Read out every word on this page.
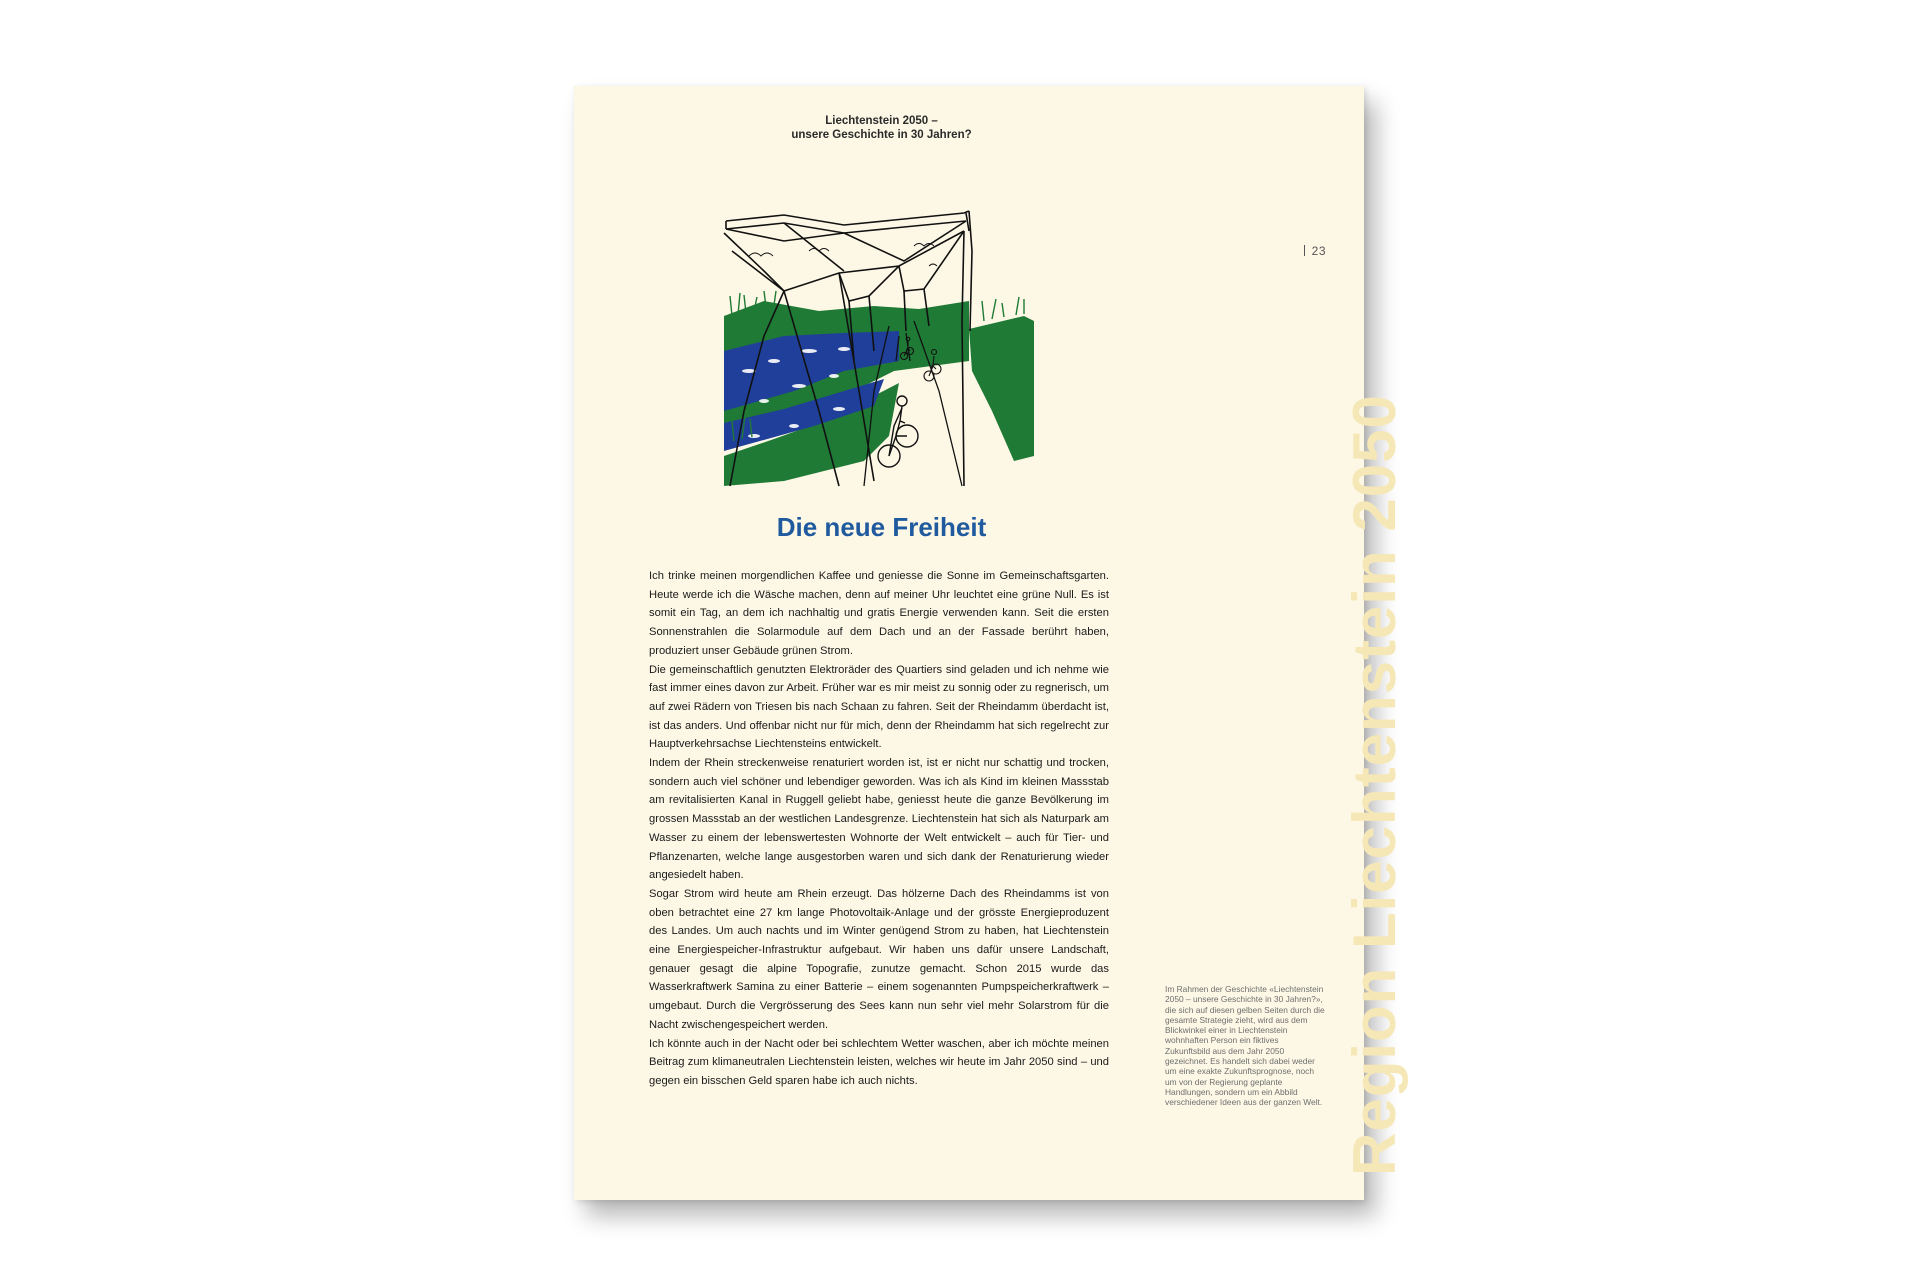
Liechtenstein 2050 –
unsere Geschichte in 30 Jahren?
23
Region Liechtenstein 2050
Die neue Freiheit

Ich trinke meinen morgendlichen Kaffee und geniesse die Sonne im Gemeinschaftsgarten. Heute werde ich die Wäsche machen, denn auf meiner Uhr leuchtet eine grüne Null. Es ist somit ein Tag, an dem ich nachhaltig und gratis Energie verwenden kann. Seit die ersten Sonnenstrahlen die Solarmodule auf dem Dach und an der Fassade berührt haben, produziert unser Gebäude grünen Strom.

Die gemeinschaftlich genutzten Elektroräder des Quartiers sind geladen und ich nehme wie fast immer eines davon zur Arbeit. Früher war es mir meist zu sonnig oder zu regnerisch, um auf zwei Rädern von Triesen bis nach Schaan zu fahren. Seit der Rheindamm überdacht ist, ist das anders. Und offenbar nicht nur für mich, denn der Rheindamm hat sich regelrecht zur Hauptverkehrsachse Liechtensteins entwickelt.

Indem der Rhein streckenweise renaturiert worden ist, ist er nicht nur schattig und trocken, sondern auch viel schöner und lebendiger geworden. Was ich als Kind im kleinen Massstab am revitalisierten Kanal in Ruggell geliebt habe, geniesst heute die ganze Bevölkerung im grossen Massstab an der westlichen Landesgrenze. Liechtenstein hat sich als Naturpark am Wasser zu einem der lebenswertesten Wohnorte der Welt entwickelt – auch für Tier- und Pflanzenarten, welche lange ausgestorben waren und sich dank der Renaturierung wieder angesiedelt haben.

Sogar Strom wird heute am Rhein erzeugt. Das hölzerne Dach des Rheindamms ist von oben betrachtet eine 27 km lange Photovoltaik-Anlage und der grösste Energieproduzent des Landes. Um auch nachts und im Winter genügend Strom zu haben, hat Liechtenstein eine Energiespeicher-Infrastruktur aufgebaut. Wir haben uns dafür unsere Landschaft, genauer gesagt die alpine Topografie, zunutze gemacht. Schon 2015 wurde das Wasserkraftwerk Samina zu einer Batterie – einem sogenannten Pumpspeicherkraftwerk – umgebaut. Durch die Vergrösserung des Sees kann nun sehr viel mehr Solarstrom für die Nacht zwischengespeichert werden.

Ich könnte auch in der Nacht oder bei schlechtem Wetter waschen, aber ich möchte meinen Beitrag zum klimaneutralen Liechtenstein leisten, welches wir heute im Jahr 2050 sind – und gegen ein bisschen Geld sparen habe ich auch nichts.

Im Rahmen der Geschichte «Liechtenstein 2050 – unsere Geschichte in 30 Jahren?», die sich auf diesen gelben Seiten durch die gesamte Strategie zieht, wird aus dem Blickwinkel einer in Liechtenstein wohnhaften Person ein fiktives Zukunftsbild aus dem Jahr 2050 gezeichnet. Es handelt sich dabei weder um eine exakte Zukunftsprognose, noch um von der Regierung geplante Handlungen, sondern um ein Abbild verschiedener Ideen aus der ganzen Welt.
